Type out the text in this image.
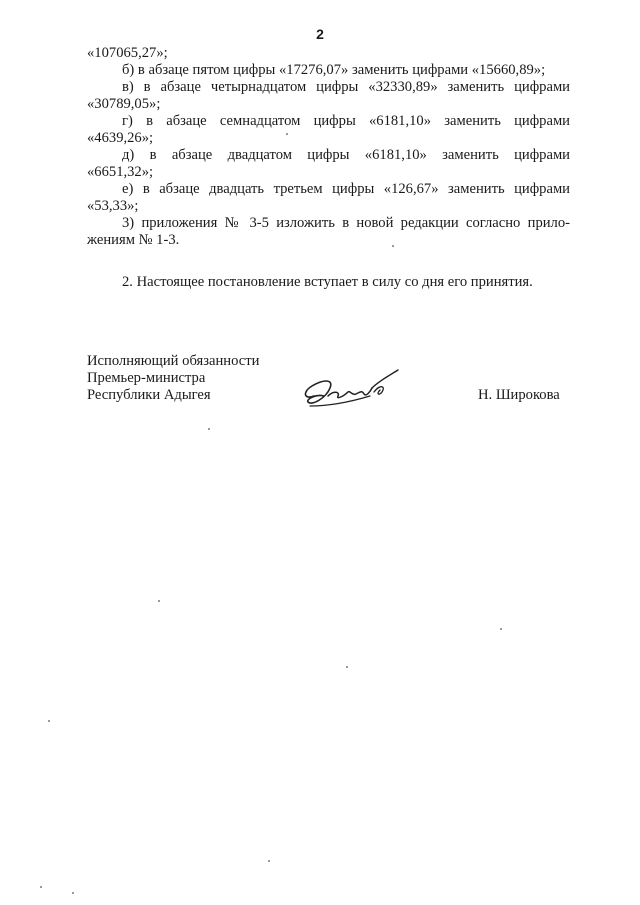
2
«107065,27»;
б) в абзаце пятом цифры «17276,07» заменить цифрами «15660,89»;
в) в абзаце четырнадцатом цифры «32330,89» заменить цифрами
«30789,05»;
г) в абзаце семнадцатом цифры «6181,10» заменить цифрами
«4639,26»;
д) в абзаце двадцатом цифры «6181,10» заменить цифрами
«6651,32»;
е) в абзаце двадцать третьем цифры «126,67» заменить цифрами
«53,33»;
3) приложения № 3-5 изложить в новой редакции согласно прило-
жениям № 1-3.
2. Настоящее постановление вступает в силу со дня его принятия.
Исполняющий обязанности
Премьер-министра
Республики Адыгея	Н. Широкова
